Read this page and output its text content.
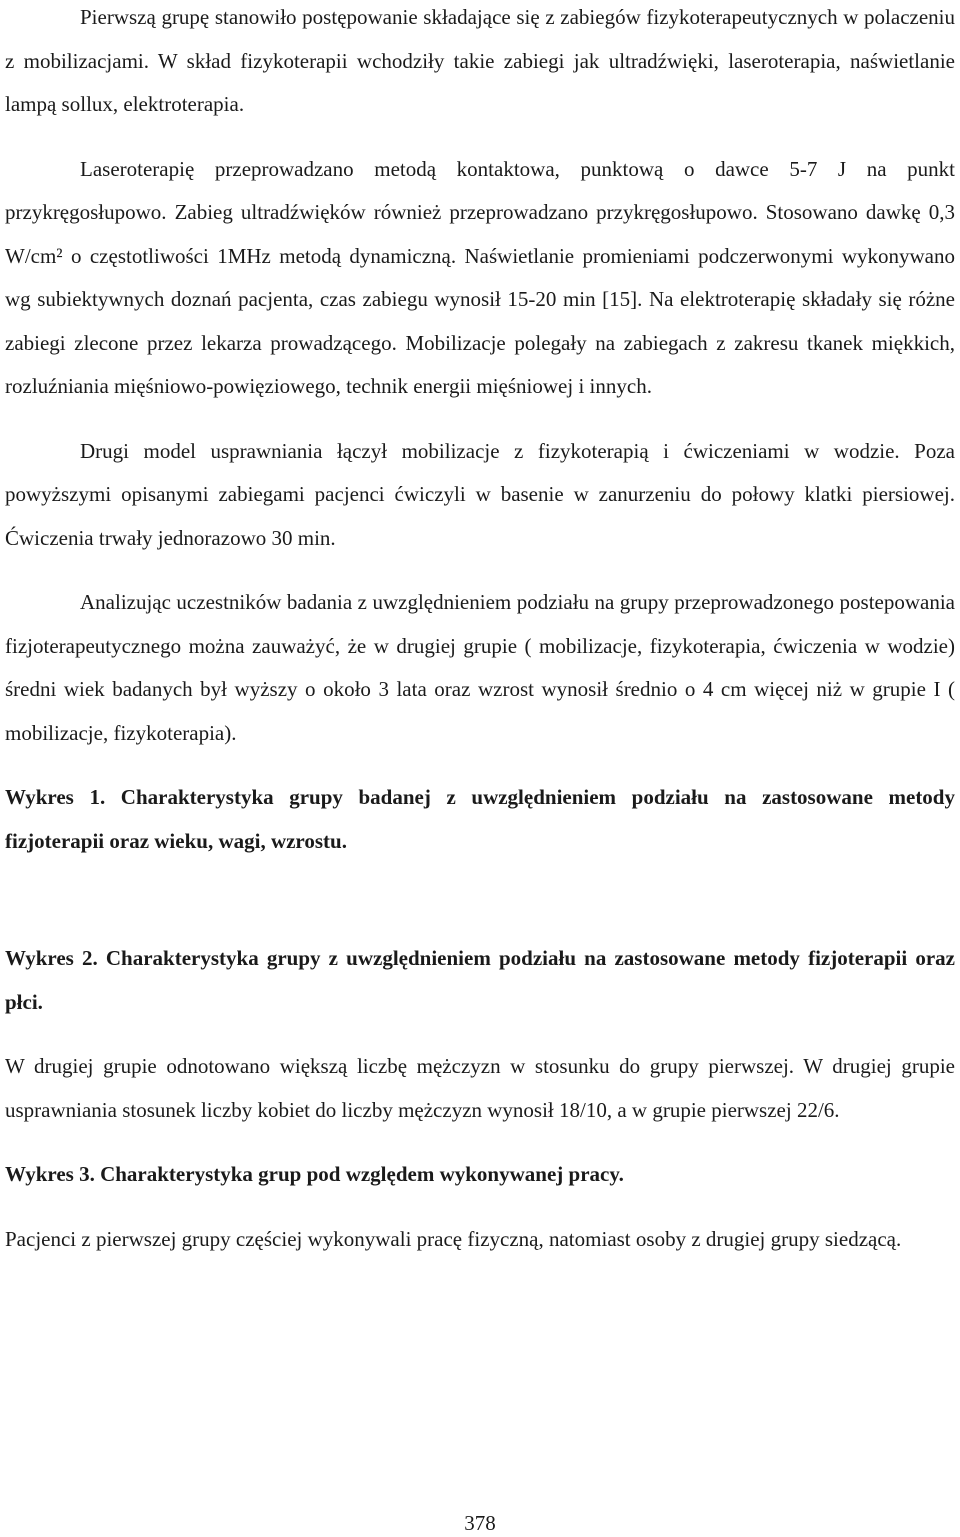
Pierwszą grupę stanowiło postępowanie składające się z zabiegów fizykoterapeutycznych w polaczeniu z mobilizacjami. W skład fizykoterapii wchodziły takie zabiegi jak ultradźwięki, laseroterapia, naświetlanie lampą sollux, elektroterapia.

Laseroterapię przeprowadzano metodą kontaktowa, punktową o dawce 5-7 J na punkt przykręgosłupowo. Zabieg ultradźwięków również przeprowadzano przykręgosłupowo. Stosowano dawkę 0,3 W/cm² o częstotliwości 1MHz metodą dynamiczną. Naświetlanie promieniami podczerwonymi wykonywano wg subiektywnych doznań pacjenta, czas zabiegu wynosił 15-20 min [15]. Na elektroterapię składały się różne zabiegi zlecone przez lekarza prowadzącego. Mobilizacje polegały na zabiegach z zakresu tkanek miękkich, rozluźniania mięśniowo-powięziowego, technik energii mięśniowej i innych.

Drugi model usprawniania łączył mobilizacje z fizykoterapią i ćwiczeniami w wodzie. Poza powyższymi opisanymi zabiegami pacjenci ćwiczyli w basenie w zanurzeniu do połowy klatki piersiowej. Ćwiczenia trwały jednorazowo 30 min.

Analizując uczestników badania z uwzględnieniem podziału na grupy przeprowadzonego postepowania fizjoterapeutycznego można zauważyć, że w drugiej grupie ( mobilizacje, fizykoterapia, ćwiczenia w wodzie) średni wiek badanych był wyższy o około 3 lata oraz wzrost wynosił średnio o 4 cm więcej niż w grupie I ( mobilizacje, fizykoterapia).

Wykres 1. Charakterystyka grupy badanej z uwzględnieniem podziału na zastosowane metody fizjoterapii oraz wieku, wagi, wzrostu.

Wykres 2. Charakterystyka grupy z uwzględnieniem podziału na zastosowane metody fizjoterapii oraz płci.

W drugiej grupie odnotowano większą liczbę mężczyzn w stosunku do grupy pierwszej. W drugiej grupie usprawniania stosunek liczby kobiet do liczby mężczyzn wynosił 18/10, a w grupie pierwszej 22/6.

Wykres 3. Charakterystyka grup pod względem wykonywanej pracy.

Pacjenci z pierwszej grupy częściej wykonywali pracę fizyczną, natomiast osoby z drugiej grupy siedzącą.

378
